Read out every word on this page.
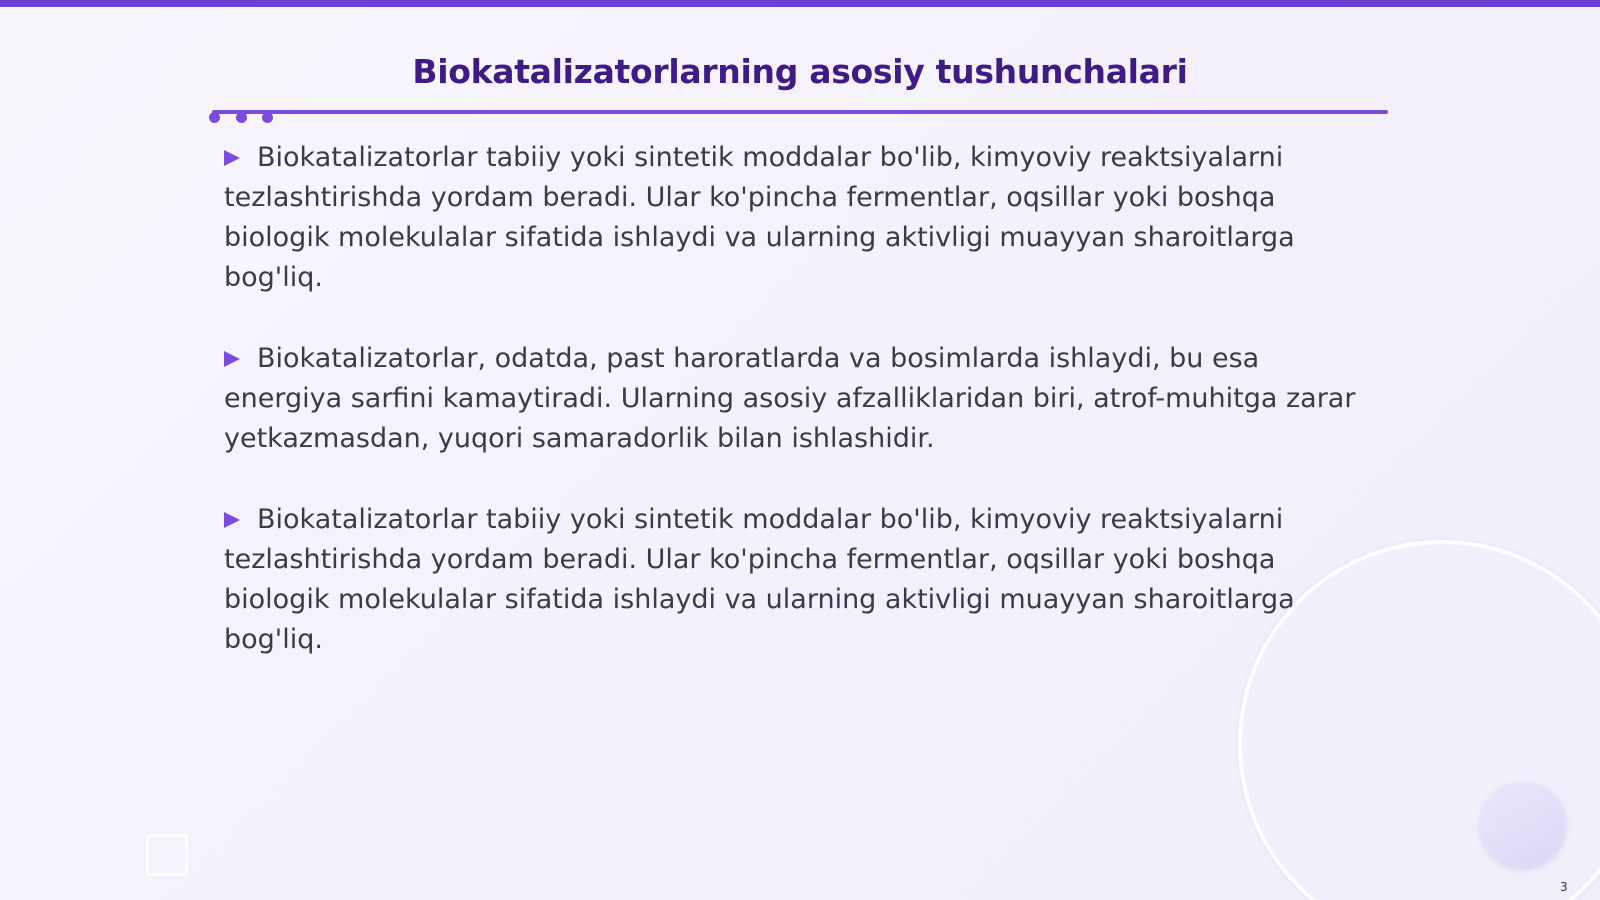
Biokatalizatorlarning asosiy tushunchalari
Biokatalizatorlar tabiiy yoki sintetik moddalar bo'lib, kimyoviy reaktsiyalarni tezlashtirishda yordam beradi. Ular ko'pincha fermentlar, oqsillar yoki boshqa biologik molekulalar sifatida ishlaydi va ularning aktivligi muayyan sharoitlarga bog'liq.
Biokatalizatorlar, odatda, past haroratlarda va bosimlarda ishlaydi, bu esa energiya sarfini kamaytiradi. Ularning asosiy afzalliklaridan biri, atrof-muhitga zarar yetkazmasdan, yuqori samaradorlik bilan ishlashidir.
Biokatalizatorlar tabiiy yoki sintetik moddalar bo'lib, kimyoviy reaktsiyalarni tezlashtirishda yordam beradi. Ular ko'pincha fermentlar, oqsillar yoki boshqa biologik molekulalar sifatida ishlaydi va ularning aktivligi muayyan sharoitlarga bog'liq.
3
